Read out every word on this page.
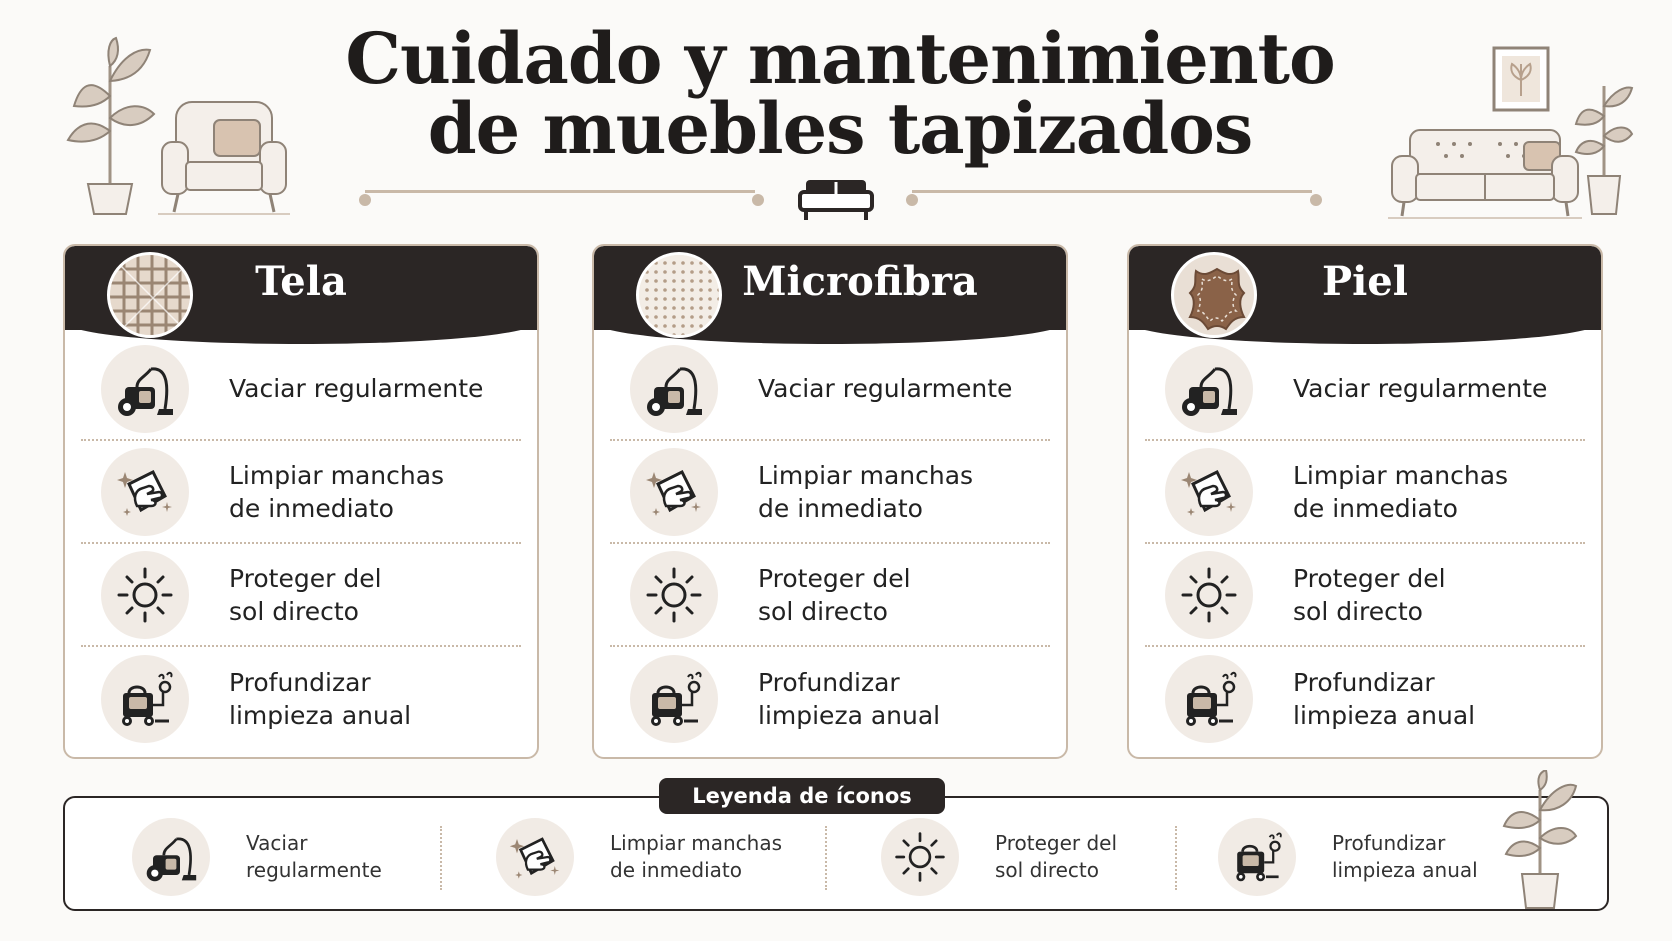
Cuidado y mantenimiento
de muebles tapizados
Tela
Vaciar regularmente
Limpiar manchas
de inmediato
Proteger del
sol directo
Profundizar
limpieza anual
Microfibra
Vaciar regularmente
Limpiar manchas
de inmediato
Proteger del
sol directo
Profundizar
limpieza anual
Piel
Vaciar regularmente
Limpiar manchas
de inmediato
Proteger del
sol directo
Profundizar
limpieza anual
Leyenda de íconos
Vaciar
regularmente
Limpiar manchas
de inmediato
Proteger del
sol directo
Profundizar
limpieza anual
